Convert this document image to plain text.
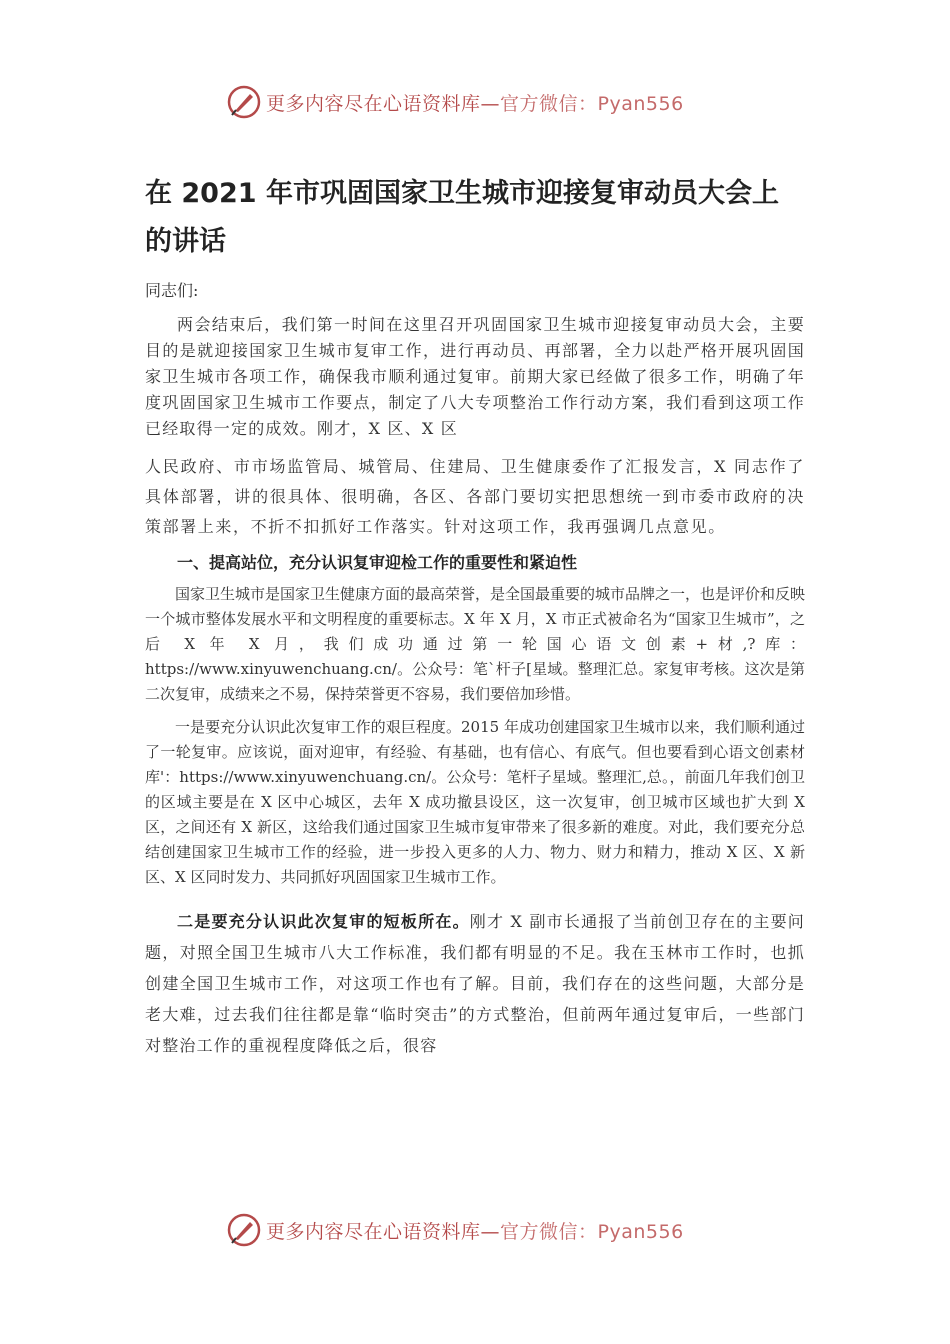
更多内容尽在心语资料库—官方微信：Pyan556
在 2021 年市巩固国家卫生城市迎接复审动员大会上的讲话

同志们:

两会结束后，我们第一时间在这里召开巩固国家卫生城市迎接复审动员大会，主要目的是就迎接国家卫生城市复审工作，进行再动员、再部署，全力以赴严格开展巩固国家卫生城市各项工作，确保我市顺利通过复审。前期大家已经做了很多工作，明确了年度巩固国家卫生城市工作要点，制定了八大专项整治工作行动方案，我们看到这项工作已经取得一定的成效。刚才，X 区、X 区
人民政府、市市场监管局、城管局、住建局、卫生健康委作了汇报发言，X 同志作了具体部署，讲的很具体、很明确，各区、各部门要切实把思想统一到市委市政府的决策部署上来，不折不扣抓好工作落实。针对这项工作，我再强调几点意见。

一、提高站位，充分认识复审迎检工作的重要性和紧迫性

国家卫生城市是国家卫生健康方面的最高荣誉，是全国最重要的城市品牌之一，也是评价和反映一个城市整体发展水平和文明程度的重要标志。X 年 X 月，X 市正式被命名为“国家卫生城市”，之后 X 年 X 月，我们成功通过第一轮国心语文创素+材,?库：https://www.xinyuwenchuang.cn/。公众号：笔`杆子[星域。整理汇总。家复审考核。这次是第二次复审，成绩来之不易，保持荣誉更不容易，我们要倍加珍惜。

一是要充分认识此次复审工作的艰巨程度。2015 年成功创建国家卫生城市以来，我们顺利通过了一轮复审。应该说，面对迎审，有经验、有基础，也有信心、有底气。但也要看到心语文创素材库'：https://www.xinyuwenchuang.cn/。公众号：笔杆子星域。整理汇,总。，前面几年我们创卫的区域主要是在 X 区中心城区，去年 X 成功撤县设区，这一次复审，创卫城市区域也扩大到 X 区，之间还有 X 新区，这给我们通过国家卫生城市复审带来了很多新的难度。对此，我们要充分总结创建国家卫生城市工作的经验，进一步投入更多的人力、物力、财力和精力，推动 X 区、X 新区、X 区同时发力、共同抓好巩固国家卫生城市工作。

二是要充分认识此次复审的短板所在。刚才 X 副市长通报了当前创卫存在的主要问题，对照全国卫生城市八大工作标准，我们都有明显的不足。我在玉林市工作时，也抓创建全国卫生城市工作，对这项工作也有了解。目前，我们存在的这些问题，大部分是老大难，过去我们往往都是靠“临时突击”的方式整治，但前两年通过复审后，一些部门对整治工作的重视程度降低之后，很容

更多内容尽在心语资料库—官方微信：Pyan556
